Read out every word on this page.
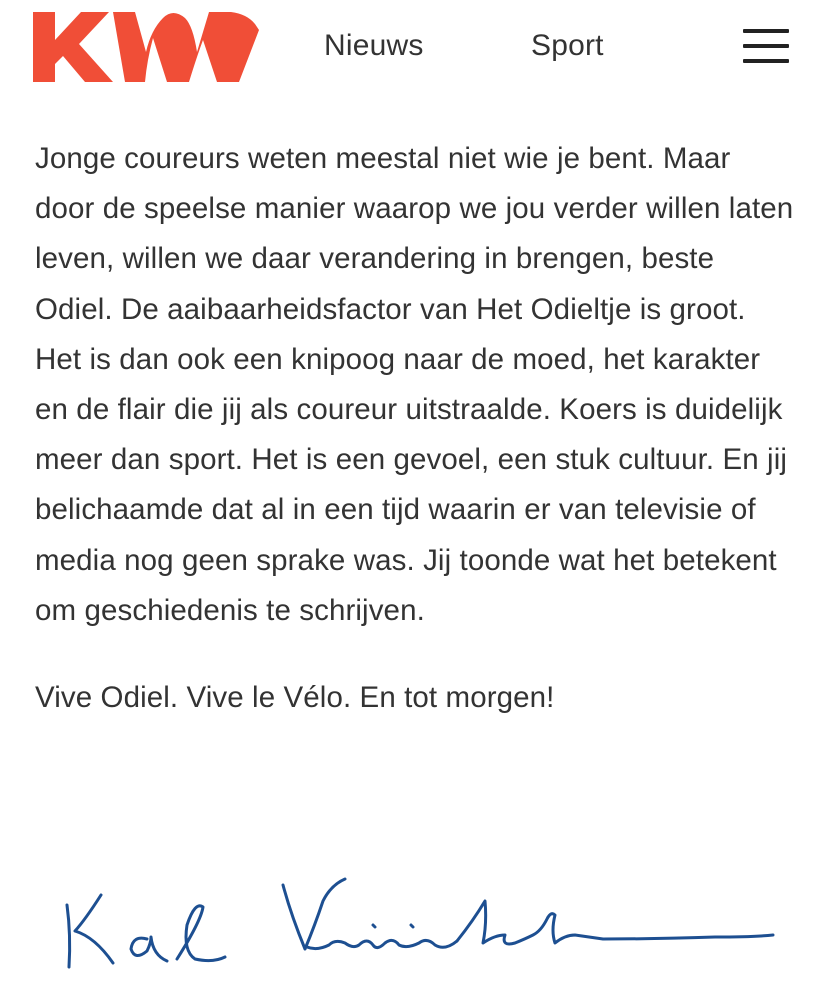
Nieuws	Sport

Jonge coureurs weten meestal niet wie je bent. Maar door de speelse manier waarop we jou verder willen laten leven, willen we daar verandering in brengen, beste Odiel. De aaibaarheidsfactor van Het Odieltje is groot. Het is dan ook een knipoog naar de moed, het karakter en de flair die jij als coureur uitstraalde. Koers is duidelijk meer dan sport. Het is een gevoel, een stuk cultuur. En jij belichaamde dat al in een tijd waarin er van televisie of media nog geen sprake was. Jij toonde wat het betekent om geschiedenis te schrijven.

Vive Odiel. Vive le Vélo. En tot morgen!
